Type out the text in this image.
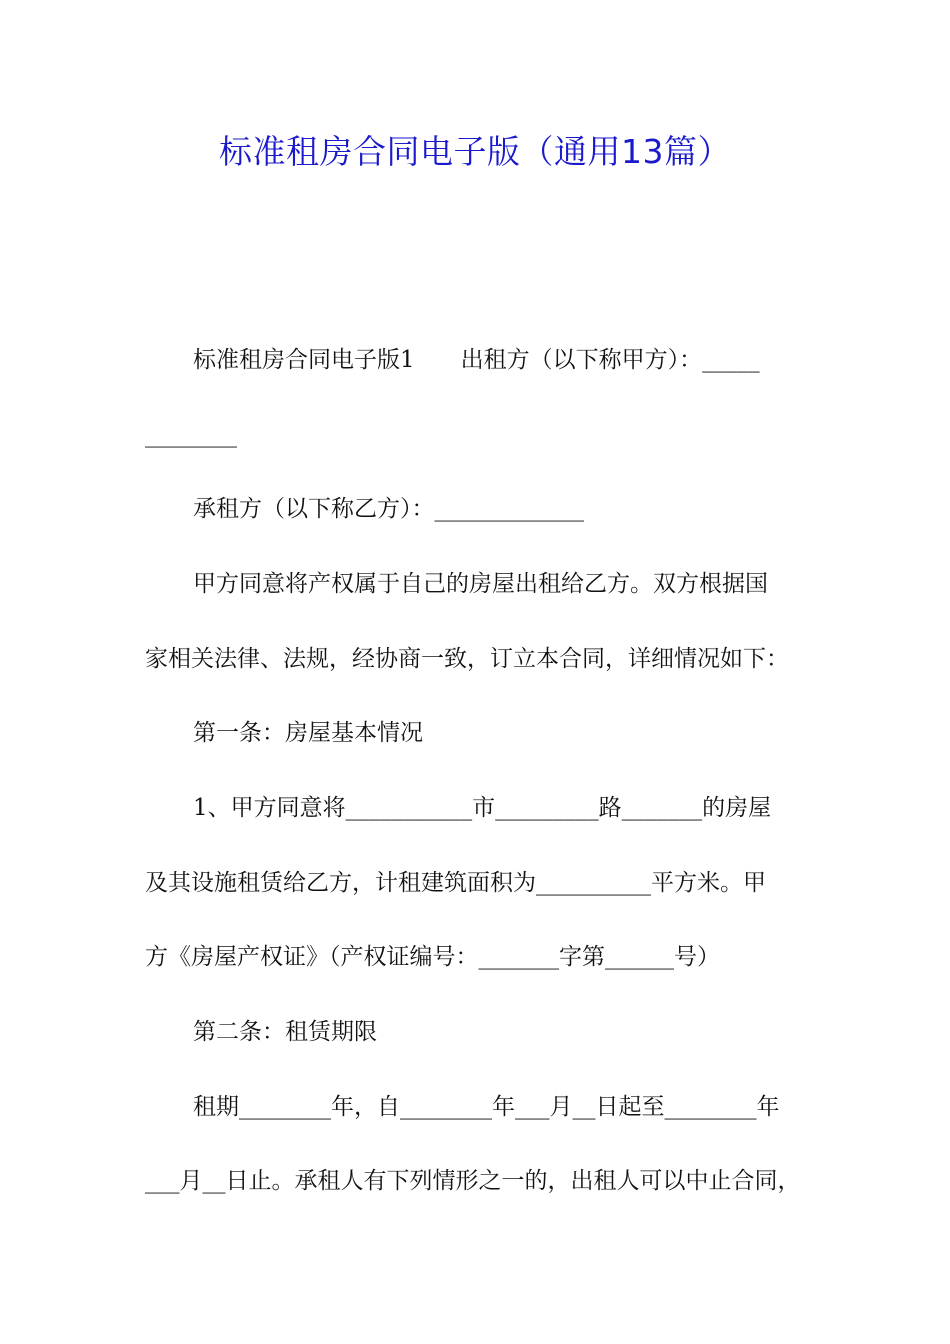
标准租房合同电子版（通用13篇）

标准租房合同电子版1　　出租方（以下称甲方）：_____

________

承租方（以下称乙方）：_____________

甲方同意将产权属于自己的房屋出租给乙方。双方根据国

家相关法律、法规，经协商一致，订立本合同，详细情况如下：

第一条：房屋基本情况

1、甲方同意将___________市_________路_______的房屋

及其设施租赁给乙方，计租建筑面积为__________平方米。甲

方《房屋产权证》（产权证编号：_______字第______号）

第二条：租赁期限

租期________年，自________年___月__日起至________年

___月__日止。承租人有下列情形之一的，出租人可以中止合同，
